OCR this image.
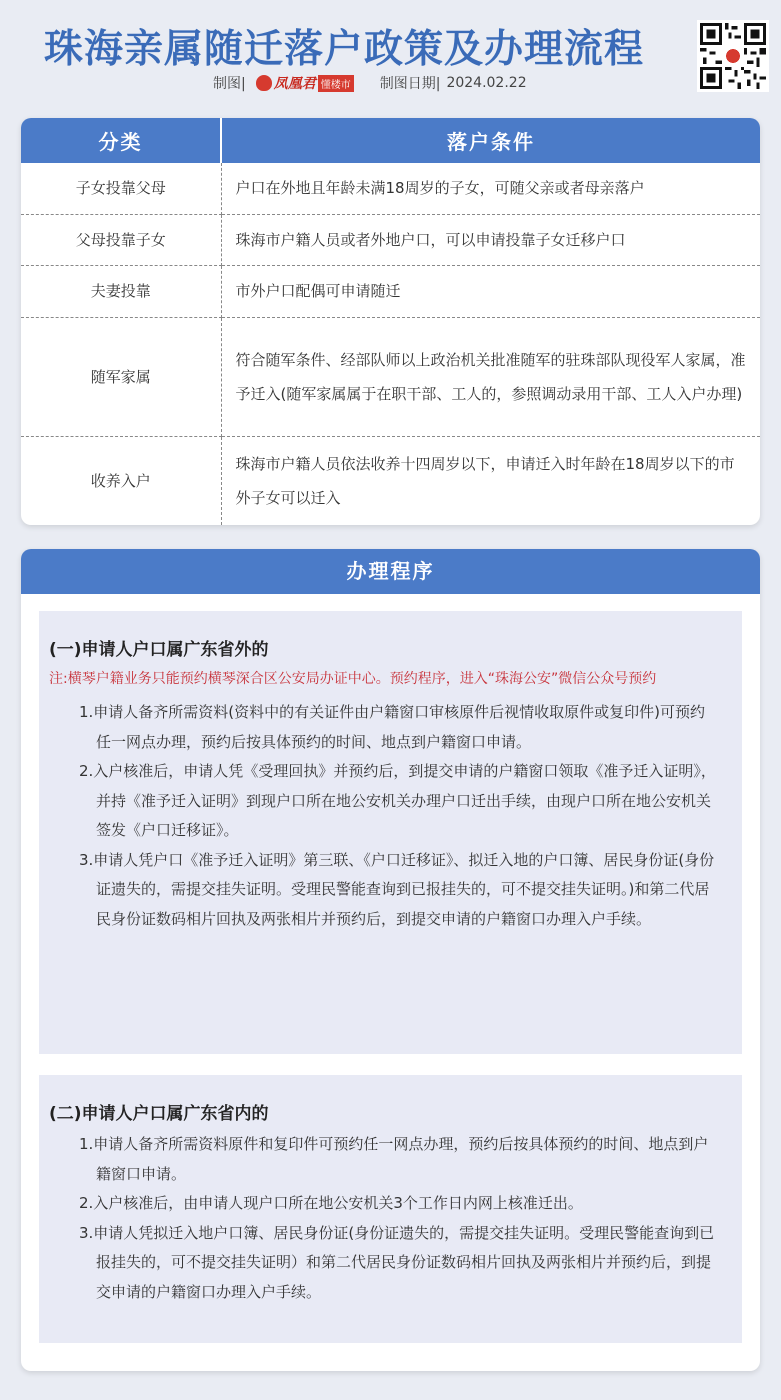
珠海亲属随迁落户政策及办理流程
制图| 凤凰君 懂楼市 制图日期| 2024.02.22
分类	落户条件
子女投靠父母	户口在外地且年龄未满18周岁的子女，可随父亲或者母亲落户
父母投靠子女	珠海市户籍人员或者外地户口，可以申请投靠子女迁移户口
夫妻投靠	市外户口配偶可申请随迁
随军家属	符合随军条件、经部队师以上政治机关批准随军的驻珠部队现役军人家属，准予迁入(随军家属属于在职干部、工人的，参照调动录用干部、工人入户办理)
收养入户	珠海市户籍人员依法收养十四周岁以下，申请迁入时年龄在18周岁以下的市外子女可以迁入
办理程序
(一)申请人户口属广东省外的
注:横琴户籍业务只能预约横琴深合区公安局办证中心。预约程序，进入“珠海公安”微信公众号预约
1.申请人备齐所需资料(资料中的有关证件由户籍窗口审核原件后视情收取原件或复印件)可预约任一网点办理，预约后按具体预约的时间、地点到户籍窗口申请。
2.入户核准后，申请人凭《受理回执》并预约后，到提交申请的户籍窗口领取《准予迁入证明》，并持《准予迁入证明》到现户口所在地公安机关办理户口迁出手续，由现户口所在地公安机关签发《户口迁移证》。
3.申请人凭户口《准予迁入证明》第三联、《户口迁移证》、拟迁入地的户口簿、居民身份证(身份证遗失的，需提交挂失证明。受理民警能查询到已报挂失的，可不提交挂失证明。)和第二代居民身份证数码相片回执及两张相片并预约后，到提交申请的户籍窗口办理入户手续。
(二)申请人户口属广东省内的
1.申请人备齐所需资料原件和复印件可预约任一网点办理，预约后按具体预约的时间、地点到户籍窗口申请。
2.入户核准后，由申请人现户口所在地公安机关3个工作日内网上核准迁出。
3.申请人凭拟迁入地户口簿、居民身份证(身份证遗失的，需提交挂失证明。受理民警能查询到已报挂失的，可不提交挂失证明）和第二代居民身份证数码相片回执及两张相片并预约后，到提交申请的户籍窗口办理入户手续。
